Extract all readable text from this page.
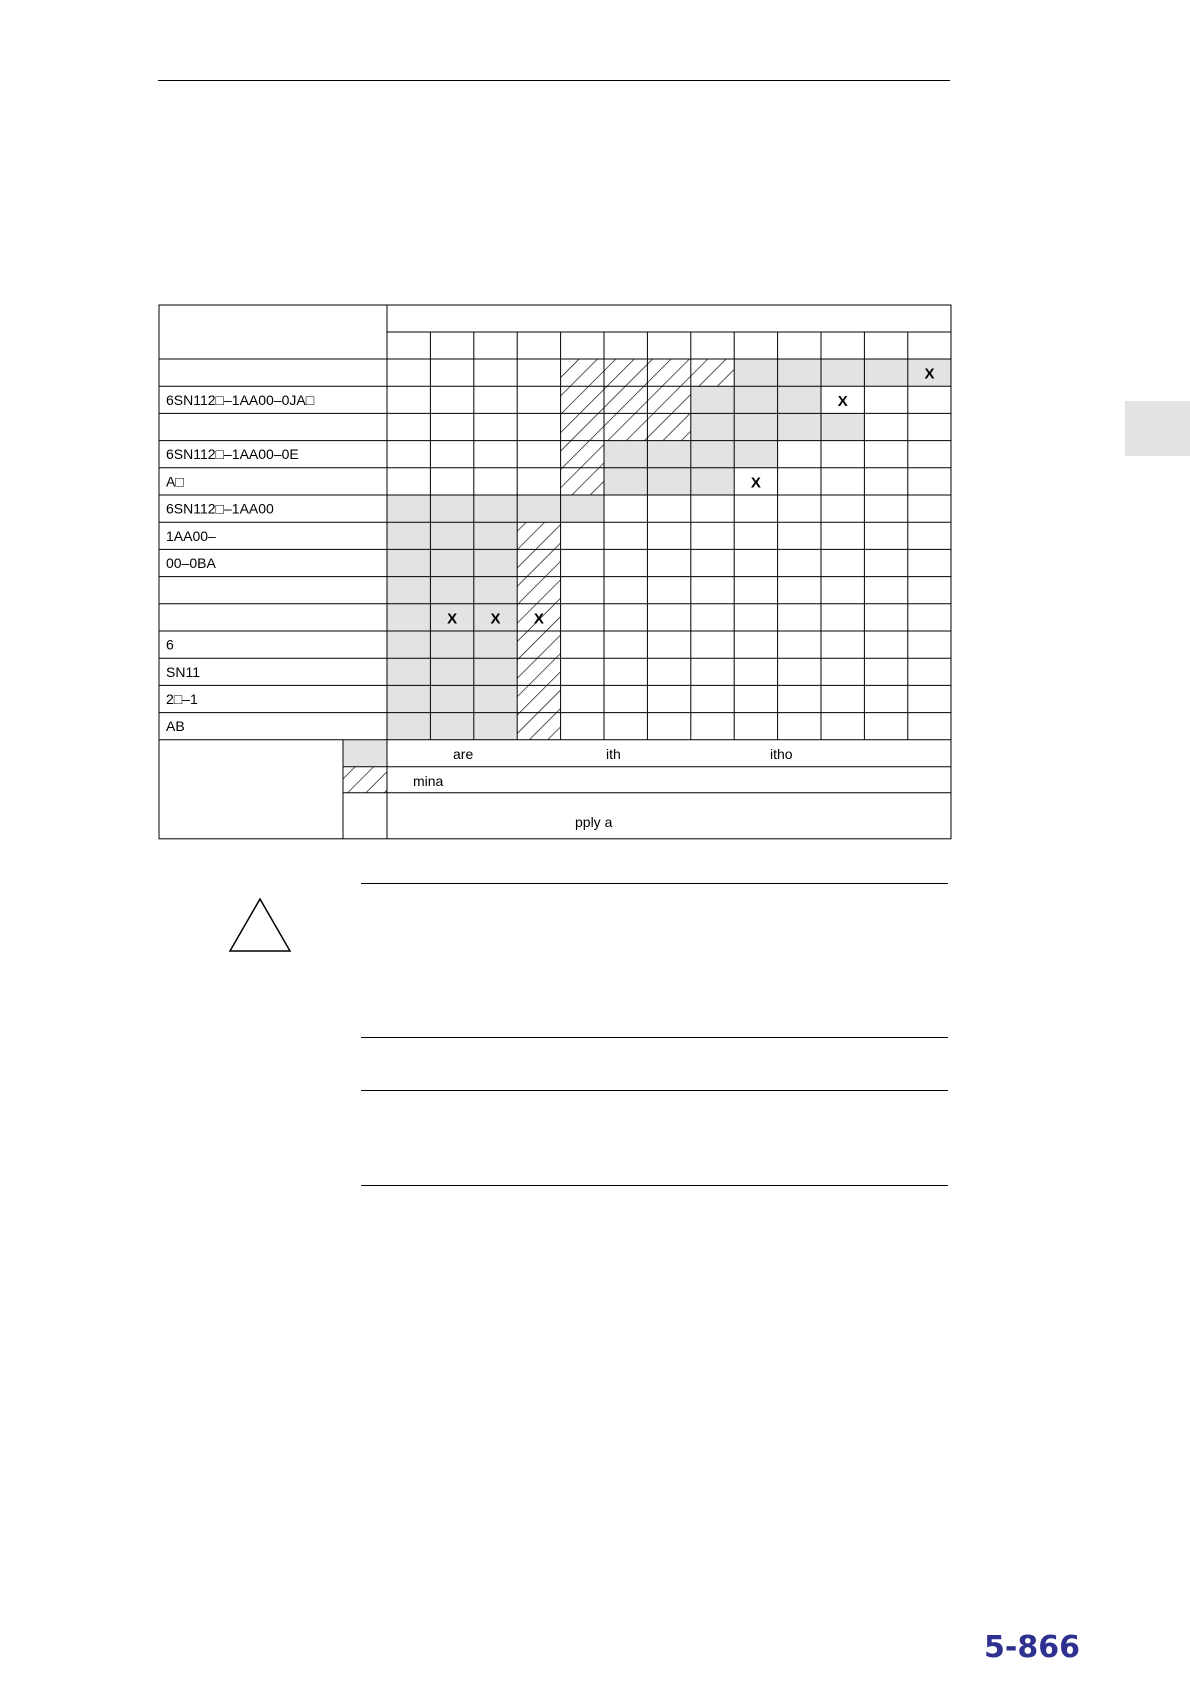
X
X
6SN112□–1AA00–0JA□
6SN112□–1AA00–0E
X
A□
6SN112□–1AA00
1AA00–
00–0BA
X X X
6
SN11
2□–1
AB
are	ith	itho
mina
pply a
5-866
